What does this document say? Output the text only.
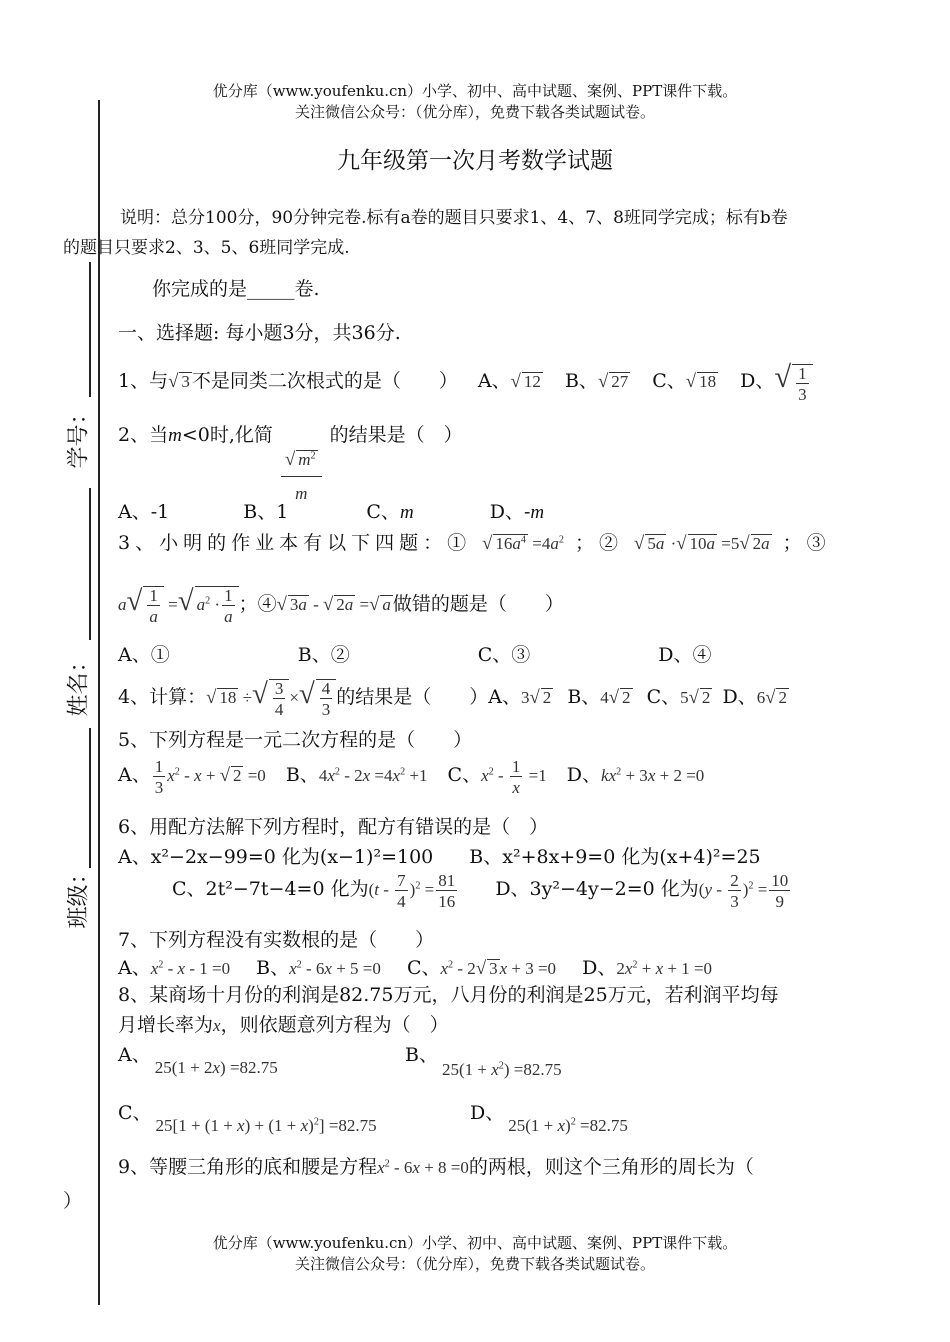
优分库（www.youfenku.cn）小学、初中、高中试题、案例、PPT课件下载。
关注微信公众号：（优分库），免费下载各类试题试卷。
学号：
姓名：
班级：
九年级第一次月考数学试题
说明：总分100分，90分钟完卷.标有a卷的题目只要求1、4、7、8班同学完成；标有b卷
的题目只要求2、3、5、6班同学完成.
你完成的是_____卷.
一、选择题: 每小题3分，共36分.
1、与√ 3 不是同类二次根式的是（　　） A、√ 12 B、√ 27 C、√ 18 D、√ $\frac{1}{3}$
2、当m<0时,化简
$\frac{√ m^2}{m}$
的结果是（　）
A、-1	B、1	C、m	D、-m
3、小明的作业本有以下四题：① √ $16a^4 =4a^2$ ；② √ 5a ·√ 10a =5√ 2a ；③
$a√ \frac{1}{a}$ =√ $a^2 \cdot \frac{1}{a}$ ；④√ 3a - √ 2a =√ a 做错的题是（　　）
A、①	B、②	C、③	D、④
4、计算：√ 18 ÷√ $\frac{3}{4}$ ×√ $\frac{4}{3}$ 的结果是（　　）A、3√ 2 B、4√ 2 C、5√ 2 D、6√ 2
5、下列方程是一元二次方程的是（　　）
A、 $\frac{1}{3} x^2$ - x + √ 2 =0 B、$4x^2 - 2x =4x^2 +1$ C、$x^2 - \frac{1}{x} =1$ D、$kx^2 + 3x + 2 =0$
6、用配方法解下列方程时，配方有错误的是（　）
A、x²−2x−99=0 化为(x−1)²=100 B、x²+8x+9=0 化为(x+4)²=25
C、2t²−7t−4=0 化为$(t - \frac{7}{4} )^2 = \frac{81}{16}$ D、3y²−4y−2=0 化为$(y - \frac{2}{3} )^2 = \frac{10}{9}$
7、下列方程没有实数根的是（　　）
A、$x^2 - x - 1 =0$ B、$x^2 - 6x + 5 =0$ C、$x^2 - 2√$ 3 x + 3 =0 D、$2x^2 + x + 1 =0$
8、某商场十月份的利润是82.75万元，八月份的利润是25万元，若利润平均每
月增长率为x，则依题意列方程为（　）
A、25(1 + 2x) =82.75
B、$25(1 + x^2) =82.75$
C、$25[1 + (1 + x) + (1 + x)^2] =82.75$
D、$25(1 + x)^2 =82.75$
9、等腰三角形的底和腰是方程$x^2 - 6x + 8 =0$的两根，则这个三角形的周长为（
）
优分库（www.youfenku.cn）小学、初中、高中试题、案例、PPT课件下载。
关注微信公众号：（优分库），免费下载各类试题试卷。
